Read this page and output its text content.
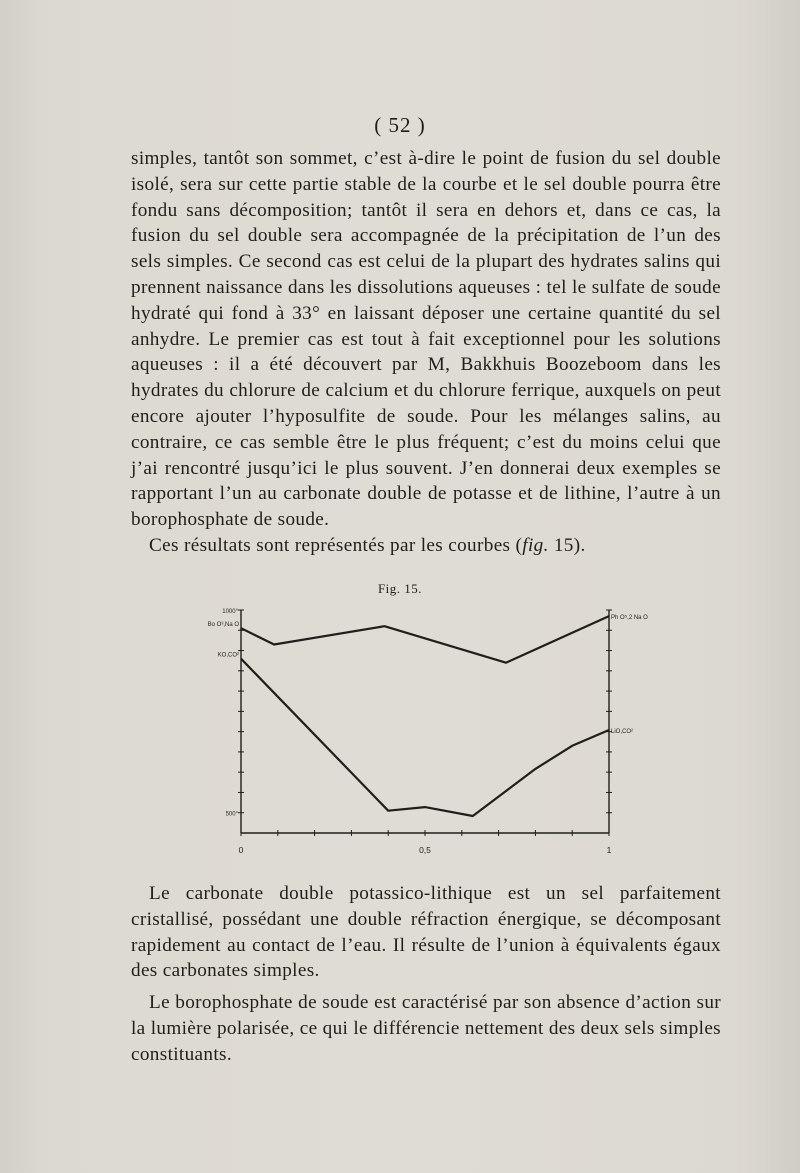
( 52 )

simples, tantôt son sommet, c’est à-dire le point de fusion du sel double isolé, sera sur cette partie stable de la courbe et le sel double pourra être fondu sans décomposition; tantôt il sera en dehors et, dans ce cas, la fusion du sel double sera accompagnée de la précipitation de l’un des sels simples. Ce second cas est celui de la plupart des hydrates salins qui prennent naissance dans les dissolutions aqueuses : tel le sulfate de soude hydraté qui fond à 33° en laissant déposer une certaine quantité du sel anhydre. Le premier cas est tout à fait exceptionnel pour les solutions aqueuses : il a été découvert par M, Bakkhuis Boozeboom dans les hydrates du chlorure de calcium et du chlorure ferrique, auxquels on peut encore ajouter l’hyposulfite de soude. Pour les mélanges salins, au contraire, ce cas semble être le plus fréquent; c’est du moins celui que j’ai rencontré jusqu’ici le plus souvent. J’en donnerai deux exemples se rapportant l’un au carbonate double de potasse et de lithine, l’autre à un borophosphate de soude.

Ces résultats sont représentés par les courbes (fig. 15).

Fig. 15.
0	0,5	1
1000°
500°
Bo O³,Na O
Ph O⁵,2 Na O
KO,CO²
LiO,CO²

Le carbonate double potassico-lithique est un sel parfaitement cristallisé, possédant une double réfraction énergique, se décomposant rapidement au contact de l’eau. Il résulte de l’union à équivalents égaux des carbonates simples.

Le borophosphate de soude est caractérisé par son absence d’action sur la lumière polarisée, ce qui le différencie nettement des deux sels simples constituants.
